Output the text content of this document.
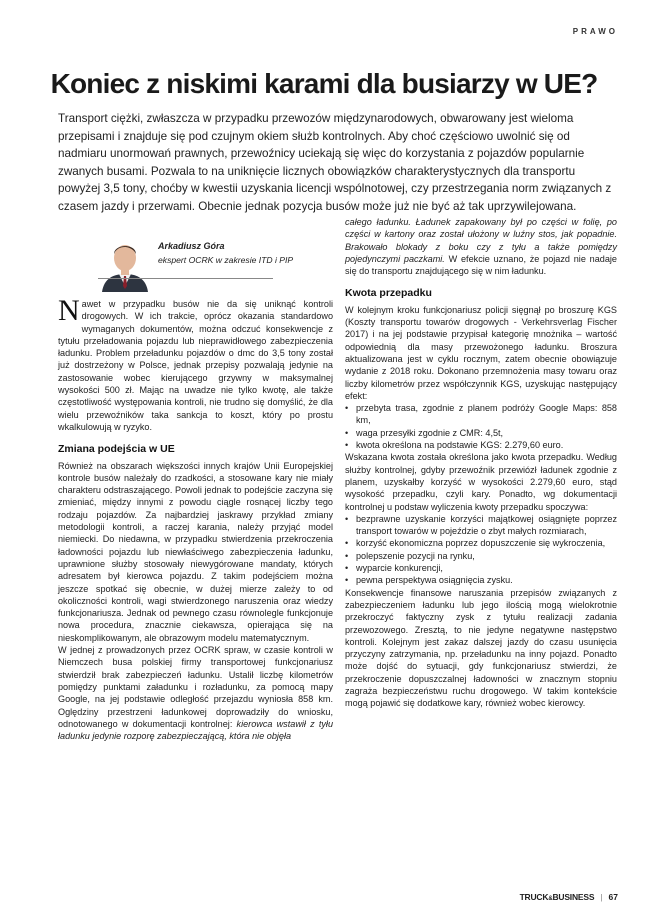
PRAWO
Koniec z niskimi karami dla busiarzy w UE?

Transport ciężki, zwłaszcza w przypadku przewozów międzynarodowych, obwarowany jest wieloma przepisami i znajduje się pod czujnym okiem służb kontrolnych. Aby choć częściowo uwolnić się od nadmiaru unormowań prawnych, przewoźnicy uciekają się więc do korzystania z pojazdów popularnie zwanych busami. Pozwala to na uniknięcie licznych obowiązków charakterystycznych dla transportu powyżej 3,5 tony, choćby w kwestii uzyskania licencji wspólnotowej, czy przestrzegania norm związanych z czasem jazdy i przerwami. Obecnie jednak pozycja busów może już nie być aż tak uprzywilejowana.

Arkadiusz Góra
ekspert OCRK w zakresie ITD i PIP

Nawet w przypadku busów nie da się uniknąć kontroli drogowych. W ich trakcie, oprócz okazania standardowo wymaganych dokumentów, można odczuć konsekwencje z tytułu przeładowania pojazdu lub nieprawidłowego zabezpieczenia ładunku. Problem przeładunku pojazdów o dmc do 3,5 tony został już dostrzeżony w Polsce, jednak przepisy pozwalają jedynie na zastosowanie wobec kierującego grzywny w maksymalnej wysokości 500 zł. Mając na uwadze nie tylko kwotę, ale także częstotliwość występowania kontroli, nie trudno się domyślić, że dla wielu przewoźników taka sankcja to koszt, który po prostu wkalkulowują w ryzyko.

Zmiana podejścia w UE

Również na obszarach większości innych krajów Unii Europejskiej kontrole busów należały do rzadkości, a stosowane kary nie miały charakteru odstraszającego. Powoli jednak to podejście zaczyna się zmieniać, między innymi z powodu ciągle rosnącej liczby tego rodzaju pojazdów. Za najbardziej jaskrawy przykład zmiany metodologii kontroli, a raczej karania, należy przyjąć model niemiecki. Do niedawna, w przypadku stwierdzenia przekroczenia ładowności pojazdu lub niewłaściwego zabezpieczenia ładunku, uprawnione służby stosowały niewygórowane mandaty, których adresatem był kierowca pojazdu. Z takim podejściem można jeszcze spotkać się obecnie, w dużej mierze zależy to od okoliczności kontroli, wagi stwierdzonego naruszenia oraz wiedzy funkcjonariusza. Jednak od pewnego czasu równolegle funkcjonuje nowa procedura, znacznie ciekawsza, opierająca się na nieskomplikowanym, ale obrazowym modelu matematycznym.

W jednej z prowadzonych przez OCRK spraw, w czasie kontroli w Niemczech busa polskiej firmy transportowej funkcjonariusz stwierdził brak zabezpieczeń ładunku. Ustalił liczbę kilometrów pomiędzy punktami załadunku i rozładunku, za pomocą mapy Google, na jej podstawie odległość przejazdu wyniosła 858 km. Oględziny przestrzeni ładunkowej doprowadziły do wniosku, odnotowanego w dokumentacji kontrolnej: kierowca wstawił z tyłu ładunku jedynie rozporę zabezpieczającą, która nie objęła

całego ładunku. Ładunek zapakowany był po części w folię, po części w kartony oraz został ułożony w luźny stos, jak popadnie. Brakowało blokady z boku czy z tyłu a także pomiędzy pojedynczymi paczkami. W efekcie uznano, że pojazd nie nadaje się do transportu znajdującego się w nim ładunku.

Kwota przepadku

W kolejnym kroku funkcjonariusz policji sięgnął po broszurę KGS (Koszty transportu towarów drogowych - Verkehrsverlag Fischer 2017) i na jej podstawie przypisał kategorię mnożnika – wartość odpowiednią dla masy przewożonego ładunku. Broszura aktualizowana jest w cyklu rocznym, zatem obecnie obowiązuje wydanie z 2018 roku. Dokonano przemnożenia masy towaru oraz liczby kilometrów przez współczynnik KGS, uzyskując następujący efekt:

• przebyta trasa, zgodnie z planem podróży Google Maps: 858 km,
• waga przesyłki zgodnie z CMR: 4,5t,
• kwota określona na podstawie KGS: 2.279,60 euro.

Wskazana kwota została określona jako kwota przepadku. Według służby kontrolnej, gdyby przewoźnik przewiózł ładunek zgodnie z planem, uzyskałby korzyść w wysokości 2.279,60 euro, stąd wysokość przepadku, czyli kary. Ponadto, wg dokumentacji kontrolnej u podstaw wyliczenia kwoty przepadku spoczywa:

• bezprawne uzyskanie korzyści majątkowej osiągnięte poprzez transport towarów w pojeździe o zbyt małych rozmiarach,
• korzyść ekonomiczna poprzez dopuszczenie się wykroczenia,
• polepszenie pozycji na rynku,
• wyparcie konkurencji,
• pewna perspektywa osiągnięcia zysku.

Konsekwencje finansowe naruszania przepisów związanych z zabezpieczeniem ładunku lub jego ilością mogą wielokrotnie przekroczyć faktyczny zysk z tytułu realizacji zadania przewozowego. Zresztą, to nie jedyne negatywne następstwo kontroli. Kolejnym jest zakaz dalszej jazdy do czasu usunięcia przyczyny zatrzymania, np. przeładunku na inny pojazd. Ponadto może dojść do sytuacji, gdy funkcjonariusz stwierdzi, że przekroczenie dopuszczalnej ładowności w znacznym stopniu zagraża bezpieczeństwu ruchu drogowego. W takim kontekście mogą pojawić się dodatkowe kary, również wobec kierowcy.

TRUCK&BUSINESS | 67
